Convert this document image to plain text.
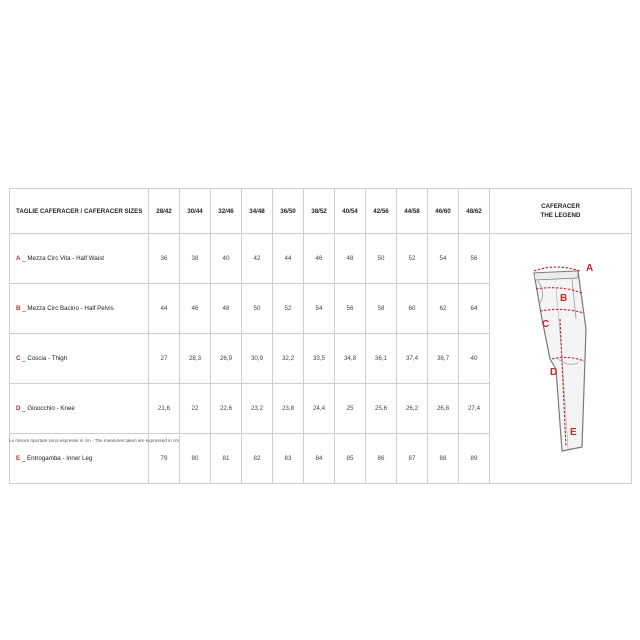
TAGLIE CAFERACER / CAFERACER SIZES	28/42	30/44	32/46	34/48	36/50	38/52	40/54	42/56	44/58	46/60	48/62	CAFERACER
THE LEGEND

A _ Mezza Circ Vita - Half Waist	36	38	40	42	44	46	48	50	52	54	56	A
B
C
D
E

B _ Mezza Circ Bacino - Half Pelvis	44	46	48	50	52	54	56	58	60	62	64	
C _ Coscia - Thigh	27	28,3	26,9	30,9	32,2	33,5	34,8	36,1	37,4	38,7	40	
D _ Ginocchio - Knee	21,6	22	22,6	23,2	23,8	24,4	25	25,6	26,2	26,8	27,4	
E _ Entrogamba - Inner Leg	79	80	81	82	83	84	85	86	87	88	89	
Le misure riportate sono espresse in cm - The measures taken are expressed in cm
